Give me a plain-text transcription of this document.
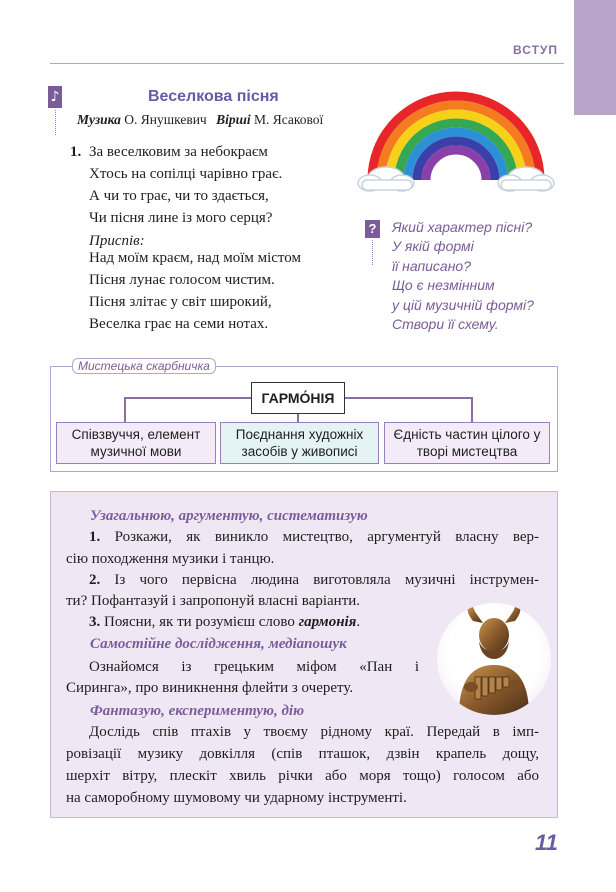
ВСТУП
♪	Веселкова пісня
Музика О. Янушкевич Вірші М. Ясакової
1. За веселковим за небокраєм
Хтось на сопілці чарівно грає.
А чи то грає, чи то здається,
Чи пісня лине із мого серця?
Приспів:
Над моїм краєм, над моїм містом
Пісня лунає голосом чистим.
Пісня злітає у світ широкий,
Веселка грає на семи нотах.
? Який характер пісні?
У якій формі
її написано?
Що є незмінним
у цій музичній формі?
Створи її схему.
Мистецька скарбничка
ГАРМО́НІЯ
Співзвуччя, елемент музичної мови
Поєднання художніх засобів у живописі
Єдність частин цілого у творі мистецтва
Узагальнюю, аргументую, систематизую
1. Розкажи, як виникло мистецтво, аргументуй власну вер-
сію походження музики і танцю.
2. Із чого первісна людина виготовляла музичні інструмен-
ти? Пофантазуй і запропонуй власні варіанти.
3. Поясни, як ти розумієш слово гармонія.
Самостійне дослідження, медіапошук
Ознайомся із грецьким міфом «Пан і
Сиринга», про виникнення флейти з очерету.
Фантазую, експериментую, дію
Дослідь спів птахів у твоєму рідному краї. Передай в імп-
ровізації музику довкілля (спів пташок, дзвін крапель дощу,
шерхіт вітру, плескіт хвиль річки або моря тощо) голосом або
на саморобному шумовому чи ударному інструменті.
11
